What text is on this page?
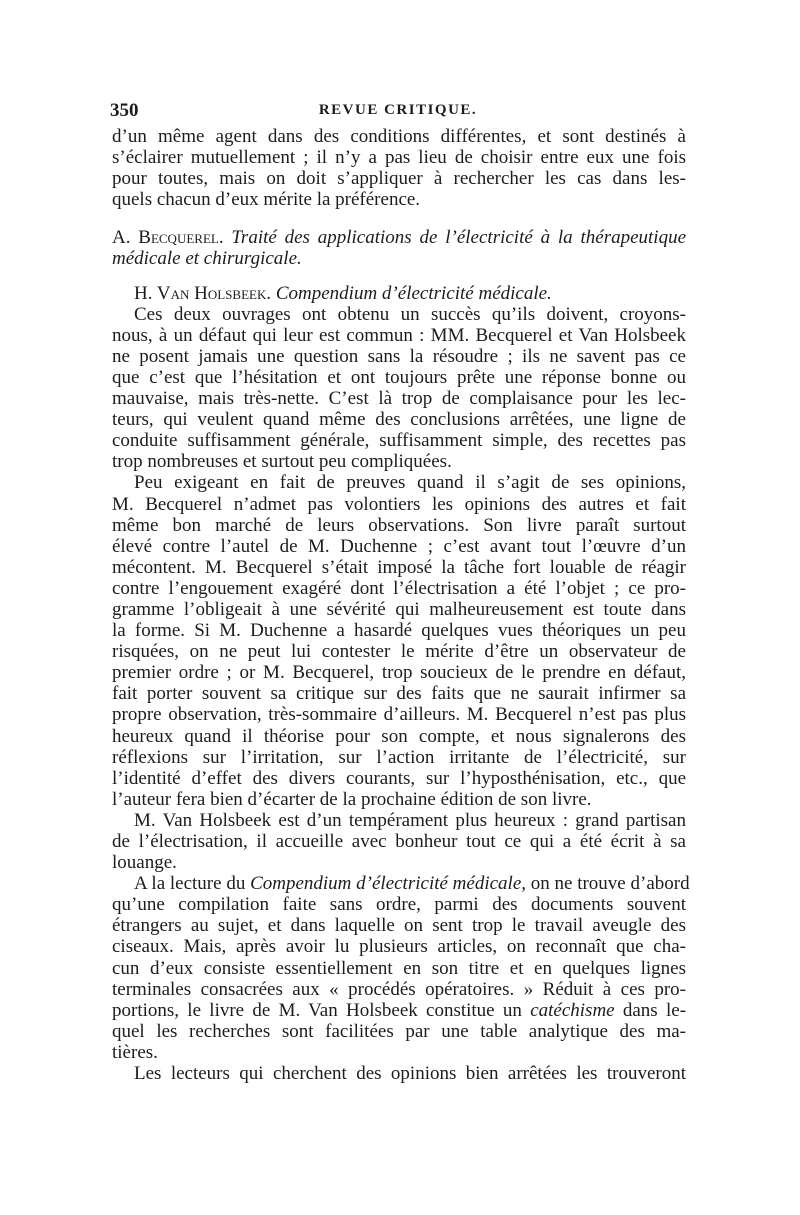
350	REVUE CRITIQUE.
d’un même agent dans des conditions différentes, et sont destinés à
s’éclairer mutuellement ; il n’y a pas lieu de choisir entre eux une fois
pour toutes, mais on doit s’appliquer à rechercher les cas dans les-
quels chacun d’eux mérite la préférence.
A. Becquerel. Traité des applications de l’électricité à la thérapeutique
médicale et chirurgicale.
H. Van Holsbeek. Compendium d’électricité médicale.
Ces deux ouvrages ont obtenu un succès qu’ils doivent, croyons-
nous, à un défaut qui leur est commun : MM. Becquerel et Van Holsbeek
ne posent jamais une question sans la résoudre ; ils ne savent pas ce
que c’est que l’hésitation et ont toujours prête une réponse bonne ou
mauvaise, mais très-nette. C’est là trop de complaisance pour les lec-
teurs, qui veulent quand même des conclusions arrêtées, une ligne de
conduite suffisamment générale, suffisamment simple, des recettes pas
trop nombreuses et surtout peu compliquées.
Peu exigeant en fait de preuves quand il s’agit de ses opinions,
M. Becquerel n’admet pas volontiers les opinions des autres et fait
même bon marché de leurs observations. Son livre paraît surtout
élevé contre l’autel de M. Duchenne ; c’est avant tout l’œuvre d’un
mécontent. M. Becquerel s’était imposé la tâche fort louable de réagir
contre l’engouement exagéré dont l’électrisation a été l’objet ; ce pro-
gramme l’obligeait à une sévérité qui malheureusement est toute dans
la forme. Si M. Duchenne a hasardé quelques vues théoriques un peu
risquées, on ne peut lui contester le mérite d’être un observateur de
premier ordre ; or M. Becquerel, trop soucieux de le prendre en défaut,
fait porter souvent sa critique sur des faits que ne saurait infirmer sa
propre observation, très-sommaire d’ailleurs. M. Becquerel n’est pas plus
heureux quand il théorise pour son compte, et nous signalerons des
réflexions sur l’irritation, sur l’action irritante de l’électricité, sur
l’identité d’effet des divers courants, sur l’hyposthénisation, etc., que
l’auteur fera bien d’écarter de la prochaine édition de son livre.
M. Van Holsbeek est d’un tempérament plus heureux : grand partisan
de l’électrisation, il accueille avec bonheur tout ce qui a été écrit à sa
louange.
A la lecture du Compendium d’électricité médicale, on ne trouve d’abord
qu’une compilation faite sans ordre, parmi des documents souvent
étrangers au sujet, et dans laquelle on sent trop le travail aveugle des
ciseaux. Mais, après avoir lu plusieurs articles, on reconnaît que cha-
cun d’eux consiste essentiellement en son titre et en quelques lignes
terminales consacrées aux « procédés opératoires. » Réduit à ces pro-
portions, le livre de M. Van Holsbeek constitue un catéchisme dans le-
quel les recherches sont facilitées par une table analytique des ma-
tières.
Les lecteurs qui cherchent des opinions bien arrêtées les trouveront
